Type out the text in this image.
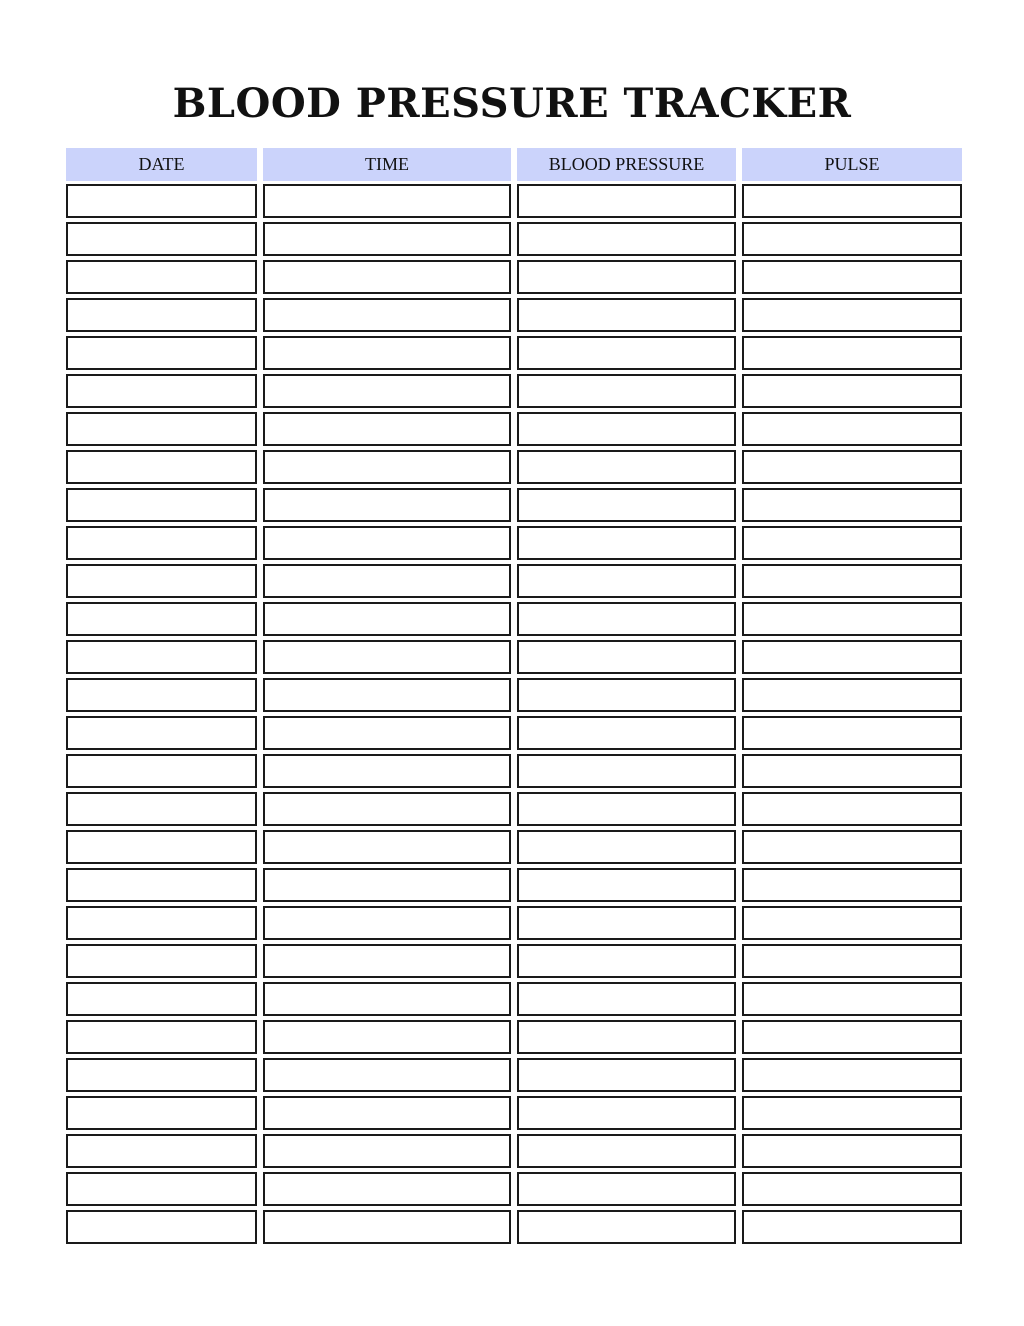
BLOOD PRESSURE TRACKER
DATE	TIME	BLOOD PRESSURE	PULSE
